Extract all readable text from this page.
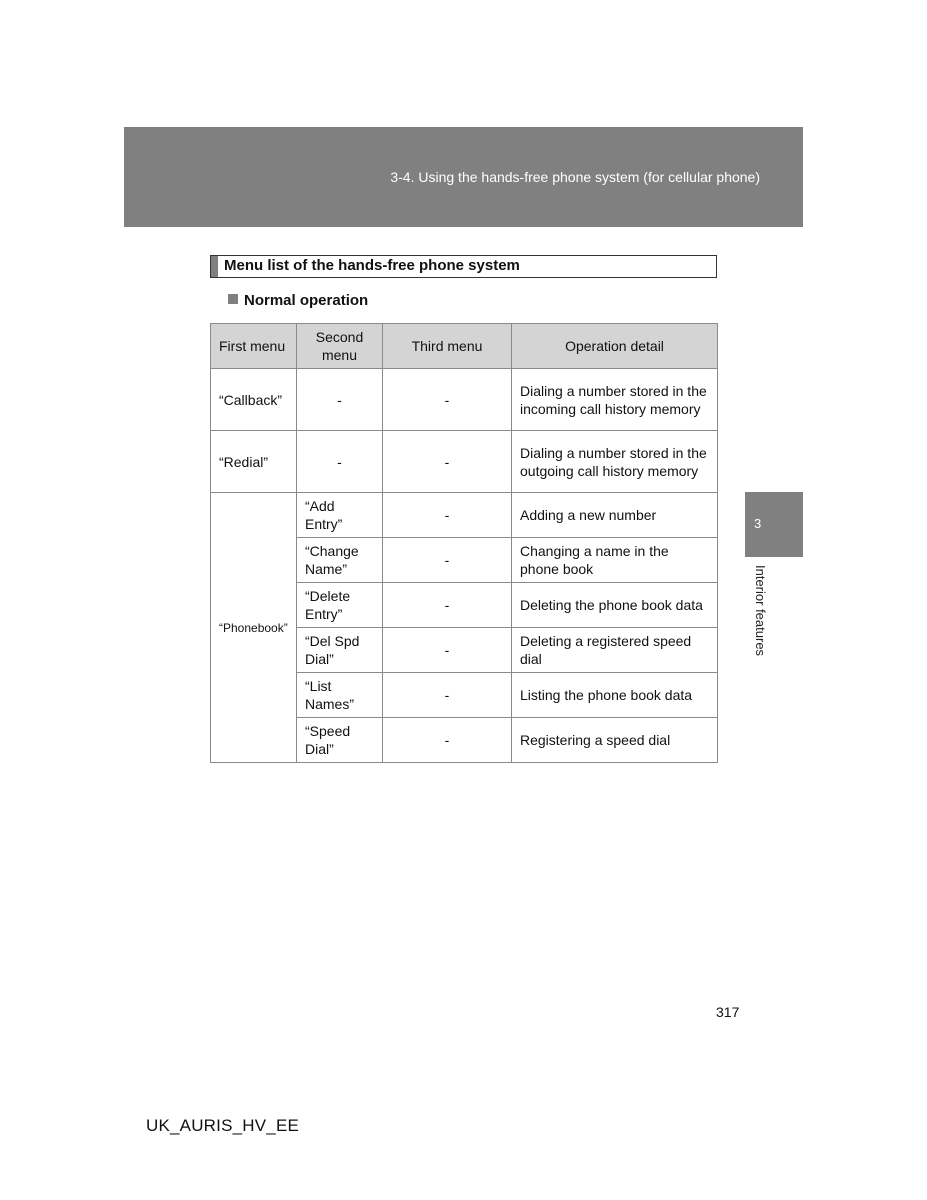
3-4. Using the hands-free phone system (for cellular phone)
Menu list of the hands-free phone system
Normal operation
First menu	Second menu	Third menu	Operation detail
“Callback”	-	-	Dialing a number stored in the incoming call history memory
“Redial”	-	-	Dialing a number stored in the outgoing call history memory
“Phonebook”	“Add Entry”	-	Adding a new number
	“Change Name”	-	Changing a name in the phone book
	“Delete Entry”	-	Deleting the phone book data
	“Del Spd Dial”	-	Deleting a registered speed dial
	“List Names”	-	Listing the phone book data
	“Speed Dial”	-	Registering a speed dial
3
Interior features
317
UK_AURIS_HV_EE
